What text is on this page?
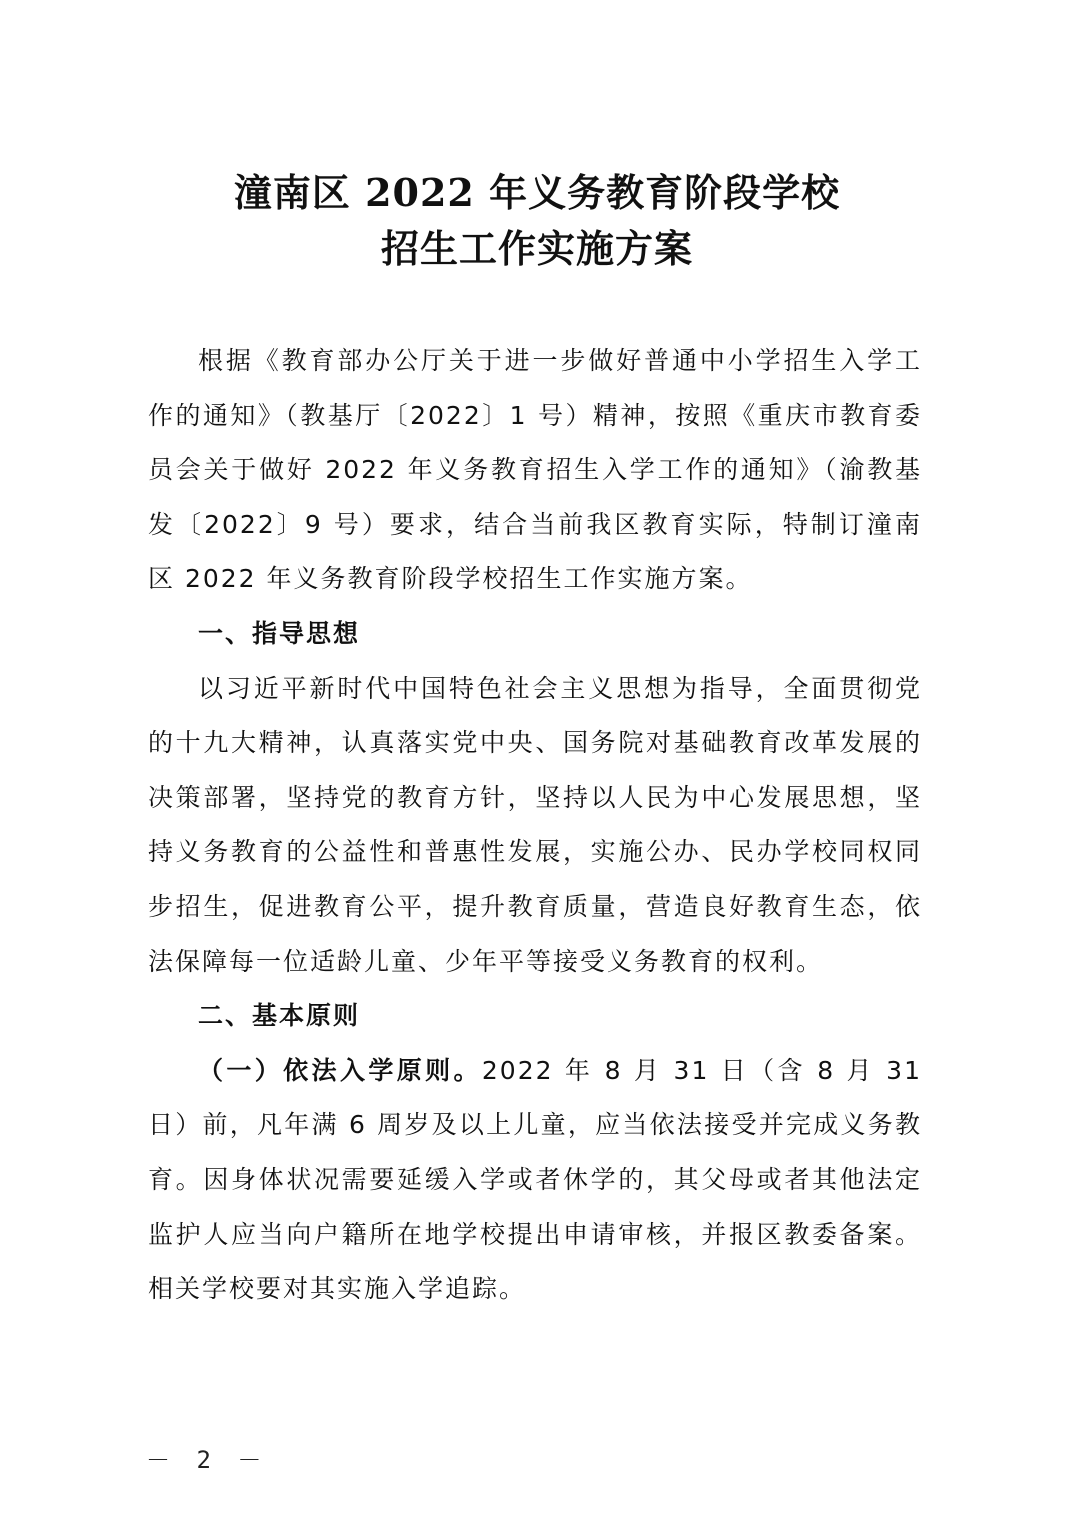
潼南区 2022 年义务教育阶段学校
招生工作实施方案

根据《教育部办公厅关于进一步做好普通中小学招生入学工作的通知》（教基厅〔2022〕1 号）精神，按照《重庆市教育委员会关于做好 2022 年义务教育招生入学工作的通知》（渝教基发〔2022〕9 号）要求，结合当前我区教育实际，特制订潼南区 2022 年义务教育阶段学校招生工作实施方案。

一、指导思想

以习近平新时代中国特色社会主义思想为指导，全面贯彻党的十九大精神，认真落实党中央、国务院对基础教育改革发展的决策部署，坚持党的教育方针，坚持以人民为中心发展思想，坚持义务教育的公益性和普惠性发展，实施公办、民办学校同权同步招生，促进教育公平，提升教育质量，营造良好教育生态，依法保障每一位适龄儿童、少年平等接受义务教育的权利。

二、基本原则

（一）依法入学原则。2022 年 8 月 31 日（含 8 月 31 日）前，凡年满 6 周岁及以上儿童，应当依法接受并完成义务教育。因身体状况需要延缓入学或者休学的，其父母或者其他法定监护人应当向户籍所在地学校提出申请审核，并报区教委备案。相关学校要对其实施入学追踪。

－ 2 －
